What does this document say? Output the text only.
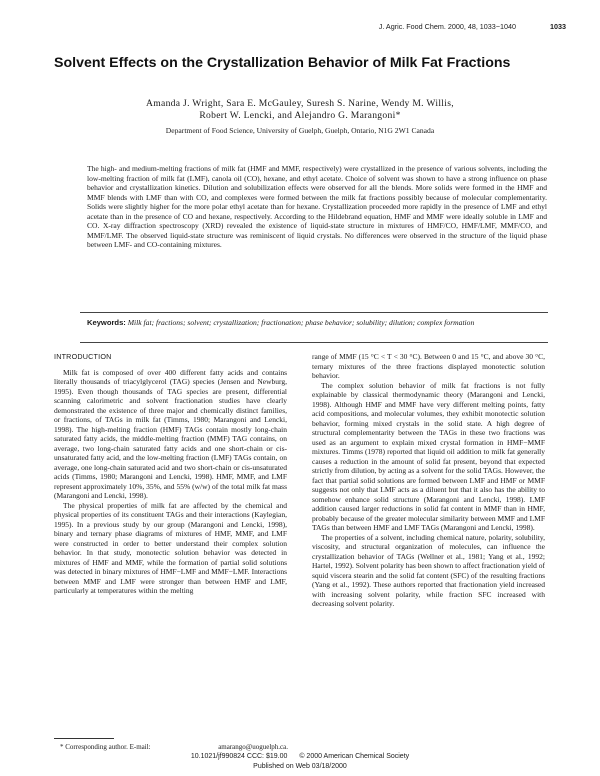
J. Agric. Food Chem. 2000, 48, 1033−1040	1033
Solvent Effects on the Crystallization Behavior of Milk Fat Fractions
Amanda J. Wright, Sara E. McGauley, Suresh S. Narine, Wendy M. Willis,
Robert W. Lencki, and Alejandro G. Marangoni*
Department of Food Science, University of Guelph, Guelph, Ontario, N1G 2W1 Canada
The high- and medium-melting fractions of milk fat (HMF and MMF, respectively) were crystallized in the presence of various solvents, including the low-melting fraction of milk fat (LMF), canola oil (CO), hexane, and ethyl acetate. Choice of solvent was shown to have a strong influence on phase behavior and crystallization kinetics. Dilution and solubilization effects were observed for all the blends. More solids were formed in the HMF and MMF blends with LMF than with CO, and complexes were formed between the milk fat fractions possibly because of molecular complementarity. Solids were slightly higher for the more polar ethyl acetate than for hexane. Crystallization proceeded more rapidly in the presence of LMF and ethyl acetate than in the presence of CO and hexane, respectively. According to the Hildebrand equation, HMF and MMF were ideally soluble in LMF and CO. X-ray diffraction spectroscopy (XRD) revealed the existence of liquid-state structure in mixtures of HMF/CO, HMF/LMF, MMF/CO, and MMF/LMF. The observed liquid-state structure was reminiscent of liquid crystals. No differences were observed in the structure of the liquid phase between LMF- and CO-containing mixtures.
Keywords: Milk fat; fractions; solvent; crystallization; fractionation; phase behavior; solubility; dilution; complex formation
INTRODUCTION

Milk fat is composed of over 400 different fatty acids and contains literally thousands of triacylglycerol (TAG) species (Jensen and Newburg, 1995). Even though thousands of TAG species are present, differential scanning calorimetric and solvent fractionation studies have clearly demonstrated the existence of three major and chemically distinct families, or fractions, of TAGs in milk fat (Timms, 1980; Marangoni and Lencki, 1998). The high-melting fraction (HMF) TAGs contain mostly long-chain saturated fatty acids, the middle-melting fraction (MMF) TAG contains, on average, two long-chain saturated fatty acids and one short-chain or cis-unsaturated fatty acid, and the low-melting fraction (LMF) TAGs contain, on average, one long-chain saturated acid and two short-chain or cis-unsaturated acids (Timms, 1980; Marangoni and Lencki, 1998). HMF, MMF, and LMF represent approximately 10%, 35%, and 55% (w/w) of the total milk fat mass (Marangoni and Lencki, 1998).

The physical properties of milk fat are affected by the chemical and physical properties of its constituent TAGs and their interactions (Kaylegian, 1995). In a previous study by our group (Marangoni and Lencki, 1998), binary and ternary phase diagrams of mixtures of HMF, MMF, and LMF were constructed in order to better understand their complex solution behavior. In that study, monotectic solution behavior was detected in mixtures of HMF and MMF, while the formation of partial solid solutions was detected in binary mixtures of HMF−LMF and MMF−LMF. Interactions between MMF and LMF were stronger than between HMF and LMF, particularly at temperatures within the melting

range of MMF (15 °C < T < 30 °C). Between 0 and 15 °C, and above 30 °C, ternary mixtures of the three fractions displayed monotectic solution behavior.

The complex solution behavior of milk fat fractions is not fully explainable by classical thermodynamic theory (Marangoni and Lencki, 1998). Although HMF and MMF have very different melting points, fatty acid compositions, and molecular volumes, they exhibit monotectic solution behavior, forming mixed crystals in the solid state. A high degree of structural complementarity between the TAGs in these two fractions was used as an argument to explain mixed crystal formation in HMF−MMF mixtures. Timms (1978) reported that liquid oil addition to milk fat generally causes a reduction in the amount of solid fat present, beyond that expected strictly from dilution, by acting as a solvent for the solid TAGs. However, the fact that partial solid solutions are formed between LMF and HMF or MMF suggests not only that LMF acts as a diluent but that it also has the ability to somehow enhance solid structure (Marangoni and Lencki, 1998). LMF addition caused larger reductions in solid fat content in MMF than in HMF, probably because of the greater molecular similarity between MMF and LMF TAGs than between HMF and LMF TAGs (Marangoni and Lencki, 1998).

The properties of a solvent, including chemical nature, polarity, solubility, viscosity, and structural organization of molecules, can influence the crystallization behavior of TAGs (Wellner et al., 1981; Yang et al., 1992; Hartel, 1992). Solvent polarity has been shown to affect fractionation yield of squid viscera stearin and the solid fat content (SFC) of the resulting fractions (Yang et al., 1992). These authors reported that fractionation yield increased with increasing solvent polarity, while fraction SFC increased with decreasing solvent polarity.

* Corresponding author. E-mail:	amarango@uoguelph.ca.
10.1021/jf990824 CCC: $19.00 © 2000 American Chemical Society
Published on Web 03/18/2000
